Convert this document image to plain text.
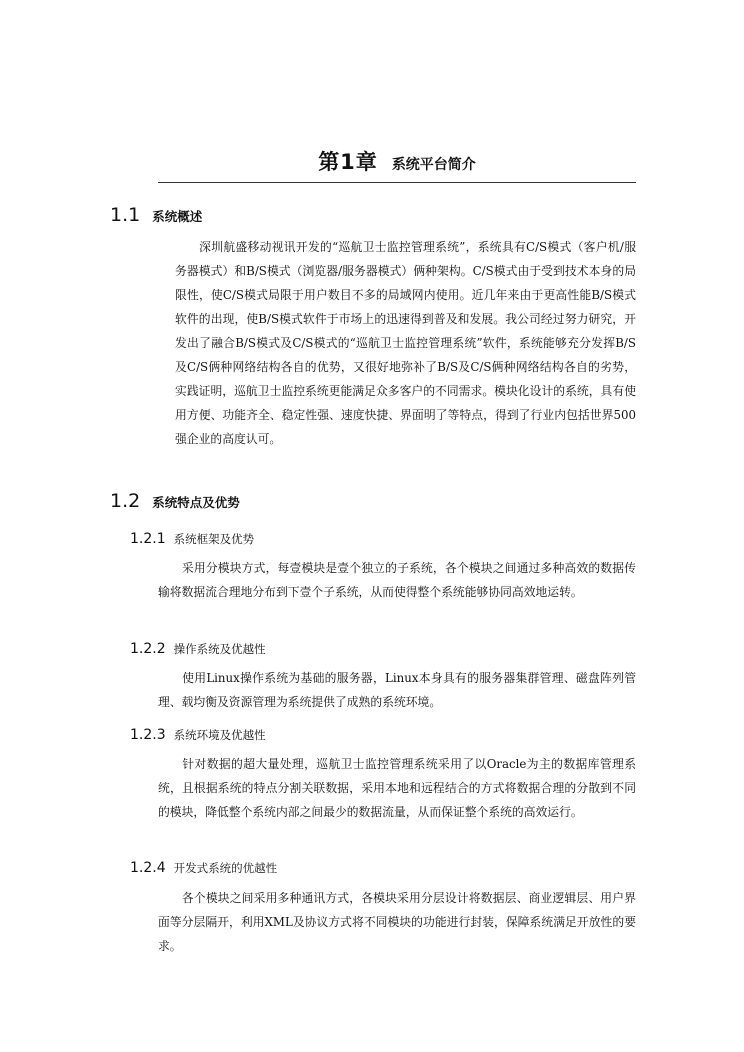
第1章 系统平台简介
1.1 系统概述
　　深圳航盛移动视讯开发的“巡航卫士监控管理系统”，系统具有C/S模式（客户机/服务器模式）和B/S模式（浏览器/服务器模式）俩种架构。C/S模式由于受到技术本身的局限性，使C/S模式局限于用户数目不多的局域网内使用。近几年来由于更高性能B/S模式软件的出现，使B/S模式软件于市场上的迅速得到普及和发展。我公司经过努力研究，开发出了融合B/S模式及C/S模式的“巡航卫士监控管理系统”软件，系统能够充分发挥B/S及C/S俩种网络结构各自的优势，又很好地弥补了B/S及C/S俩种网络结构各自的劣势，实践证明，巡航卫士监控系统更能满足众多客户的不同需求。模块化设计的系统，具有使用方便、功能齐全、稳定性强、速度快捷、界面明了等特点，得到了行业内包括世界500强企业的高度认可。
1.2 系统特点及优势
1.2.1 系统框架及优势
　　采用分模块方式，每壹模块是壹个独立的子系统，各个模块之间通过多种高效的数据传输将数据流合理地分布到下壹个子系统，从而使得整个系统能够协同高效地运转。
1.2.2 操作系统及优越性
　　使用Linux操作系统为基础的服务器，Linux本身具有的服务器集群管理、磁盘阵列管理、载均衡及资源管理为系统提供了成熟的系统环境。
1.2.3 系统环境及优越性
　　针对数据的超大量处理，巡航卫士监控管理系统采用了以Oracle为主的数据库管理系统，且根据系统的特点分割关联数据，采用本地和远程结合的方式将数据合理的分散到不同的模块，降低整个系统内部之间最少的数据流量，从而保证整个系统的高效运行。
1.2.4 开发式系统的优越性
　　各个模块之间采用多种通讯方式，各模块采用分层设计将数据层、商业逻辑层、用户界面等分层隔开，利用XML及协议方式将不同模块的功能进行封装，保障系统满足开放性的要求。
